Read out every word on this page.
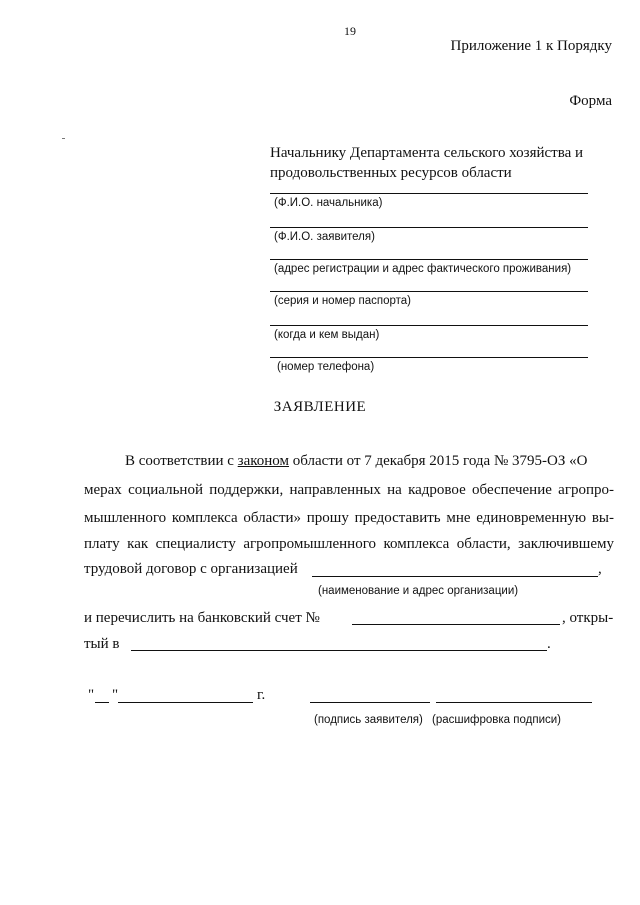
19
Приложение 1 к Порядку
Форма
Начальнику Департамента сельского хозяйства и
продовольственных ресурсов области
(Ф.И.О. начальника)
(Ф.И.О. заявителя)
(адрес регистрации и адрес фактического проживания)
(серия и номер паспорта)
(когда и кем выдан)
(номер телефона)
ЗАЯВЛЕНИЕ
В соответствии с законом области от 7 декабря 2015 года № 3795-ОЗ «О
мерах социальной поддержки, направленных на кадровое обеспечение агропро-
мышленного комплекса области» прошу предоставить мне единовременную вы-
плату как специалисту агропромышленного комплекса области, заключившему
трудовой договор с организацией	,
(наименование и адрес организации)
и перечислить на банковский счет №	, откры-
тый в	.
" "	г.
(подпись заявителя) (расшифровка подписи)
